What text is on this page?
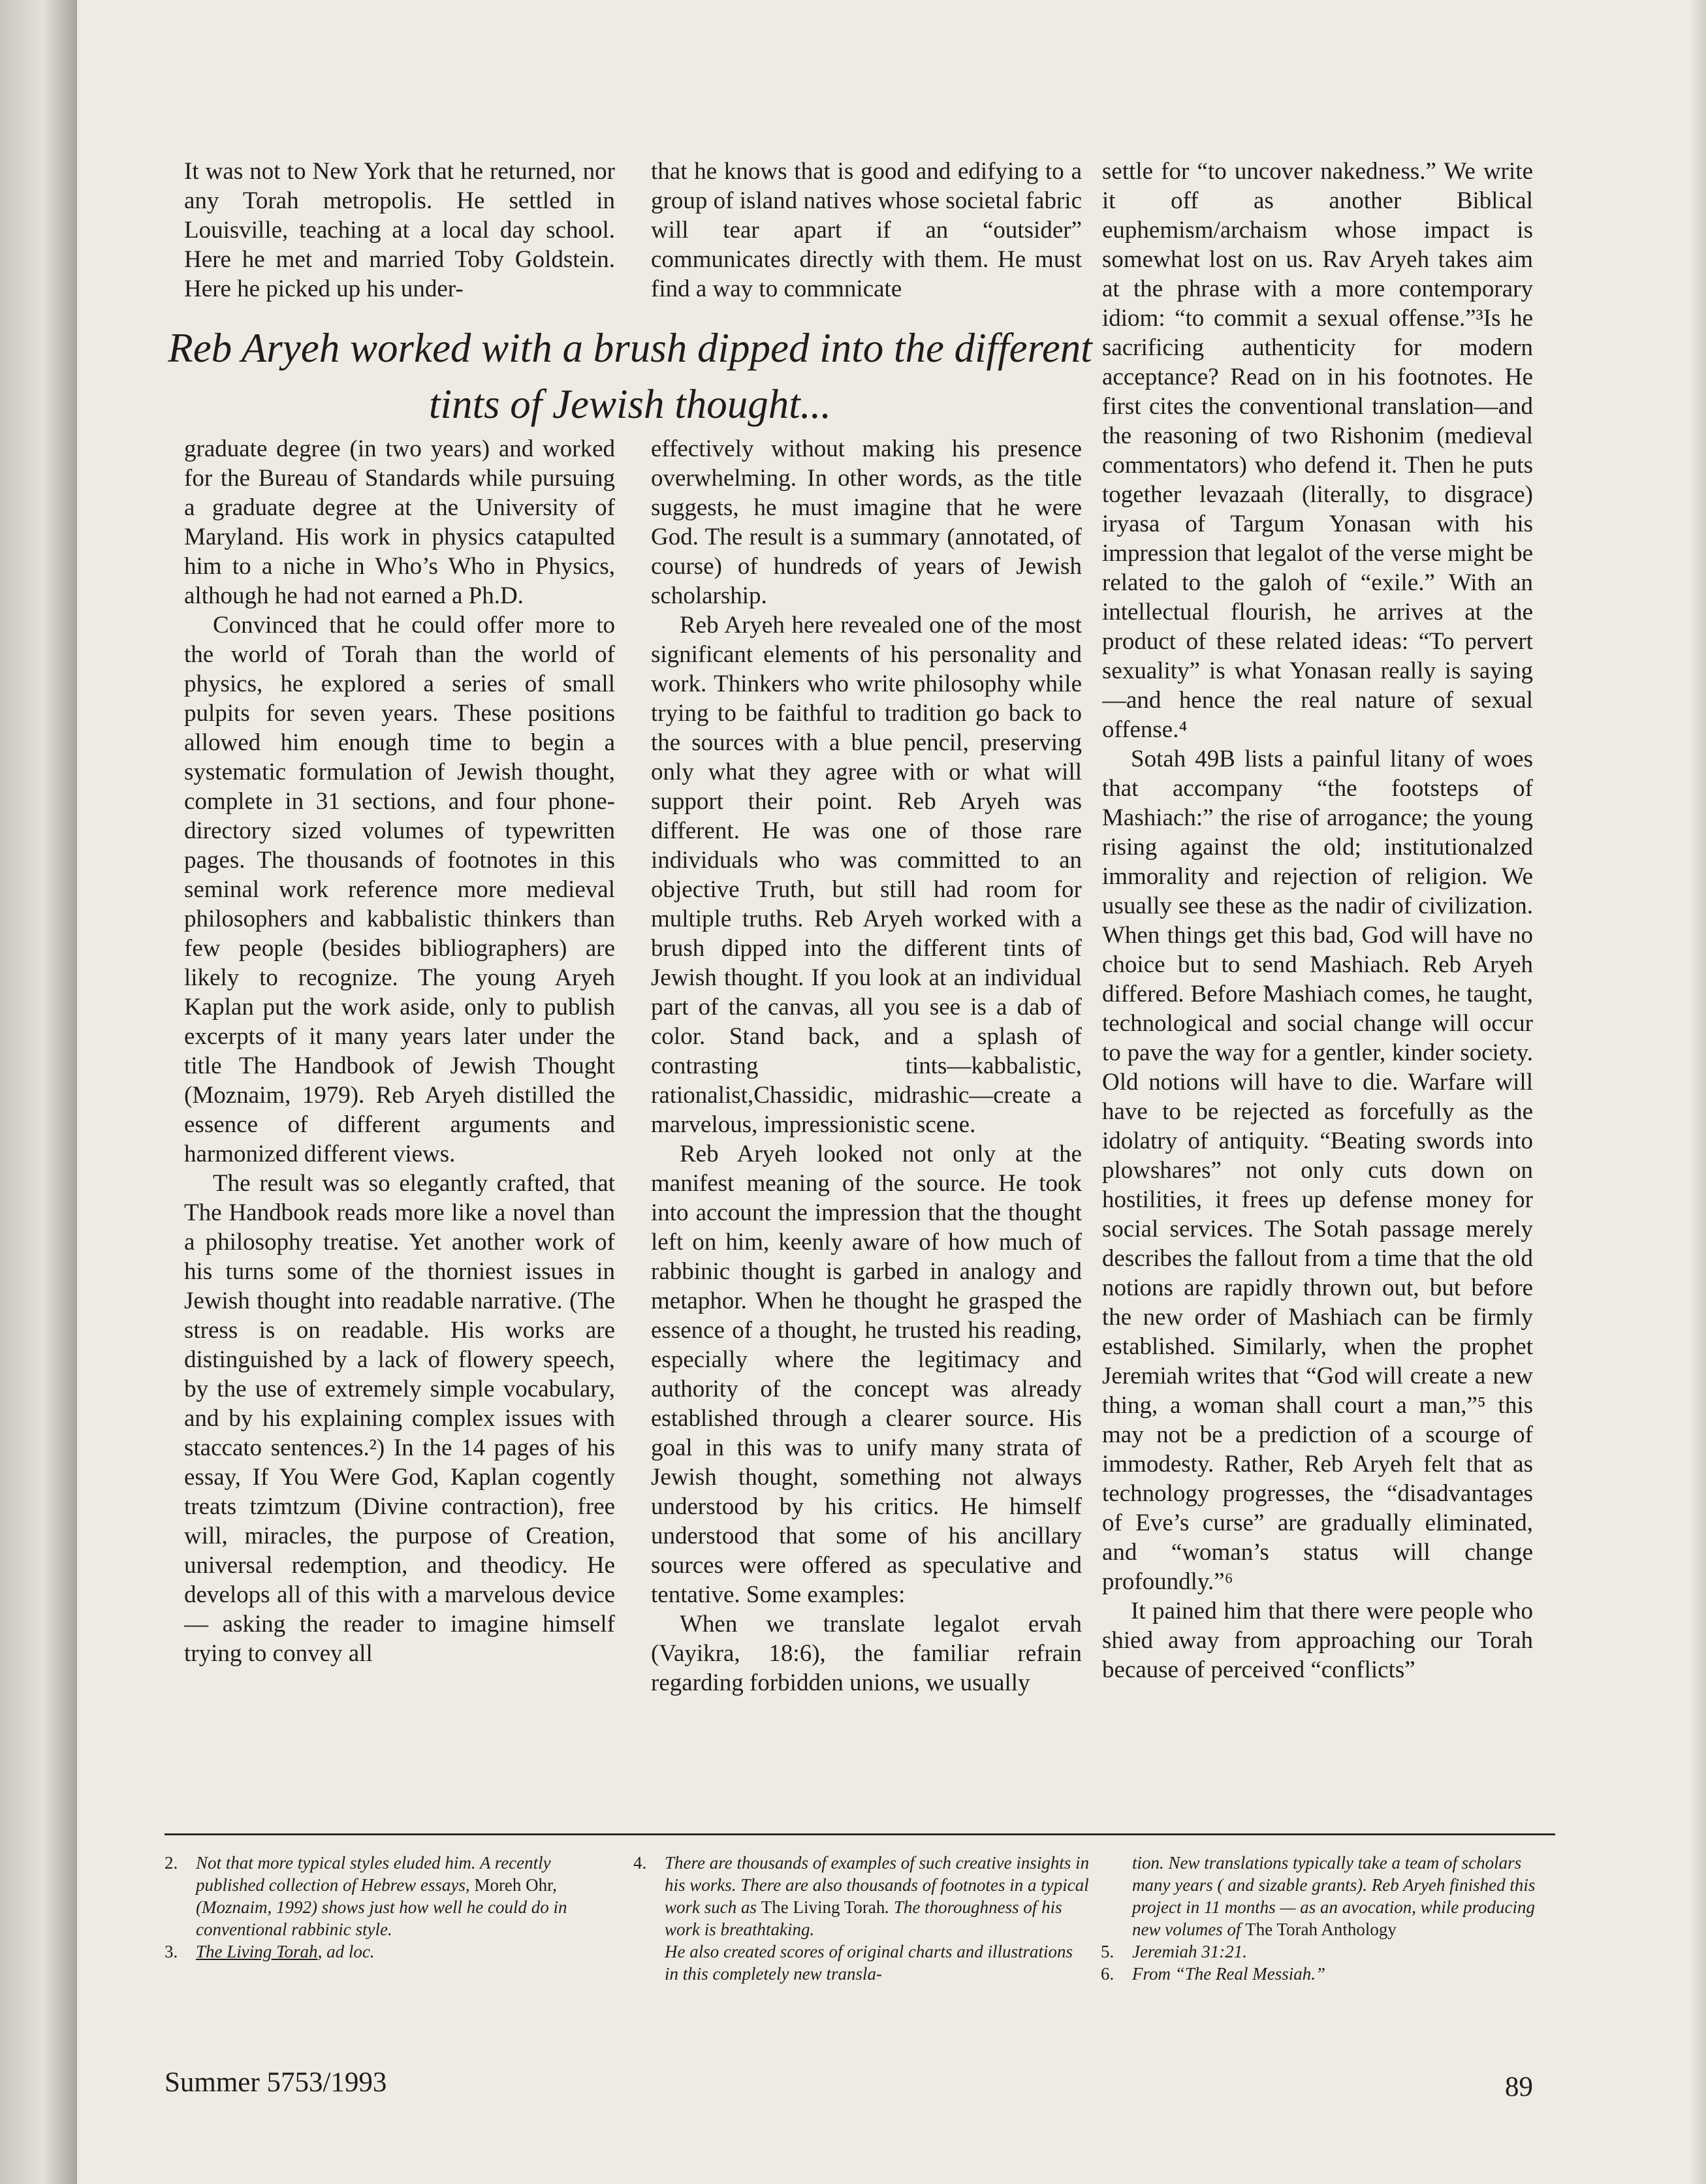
It was not to New York that he returned, nor any Torah metropolis. He settled in Louisville, teaching at a local day school. Here he met and married Toby Goldstein. Here he picked up his under-

that he knows that is good and edifying to a group of island natives whose societal fabric will tear apart if an “outsider” communicates directly with them. He must find a way to commnicate

Reb Aryeh worked with a brush dipped into the different tints of Jewish thought...

graduate degree (in two years) and worked for the Bureau of Standards while pursuing a graduate degree at the University of Maryland. His work in physics catapulted him to a niche in Who’s Who in Physics, although he had not earned a Ph.D.

Convinced that he could offer more to the world of Torah than the world of physics, he explored a series of small pulpits for seven years. These positions allowed him enough time to begin a systematic formulation of Jewish thought, complete in 31 sections, and four phone-directory sized volumes of typewritten pages. The thousands of footnotes in this seminal work reference more medieval philosophers and kabbalistic thinkers than few people (besides bibliographers) are likely to recognize. The young Aryeh Kaplan put the work aside, only to publish excerpts of it many years later under the title The Handbook of Jewish Thought (Moznaim, 1979). Reb Aryeh distilled the essence of different arguments and harmonized different views.

The result was so elegantly crafted, that The Handbook reads more like a novel than a philosophy treatise. Yet another work of his turns some of the thorniest issues in Jewish thought into readable narrative. (The stress is on readable. His works are distinguished by a lack of flowery speech, by the use of extremely simple vocabulary, and by his explaining complex issues with staccato sentences.²) In the 14 pages of his essay, If You Were God, Kaplan cogently treats tzimtzum (Divine contraction), free will, miracles, the purpose of Creation, universal redemption, and theodicy. He develops all of this with a marvelous device — asking the reader to imagine himself trying to convey all

effectively without making his presence overwhelming. In other words, as the title suggests, he must imagine that he were God. The result is a summary (annotated, of course) of hundreds of years of Jewish scholarship.

Reb Aryeh here revealed one of the most significant elements of his personality and work. Thinkers who write philosophy while trying to be faithful to tradition go back to the sources with a blue pencil, preserving only what they agree with or what will support their point. Reb Aryeh was different. He was one of those rare individuals who was committed to an objective Truth, but still had room for multiple truths. Reb Aryeh worked with a brush dipped into the different tints of Jewish thought. If you look at an individual part of the canvas, all you see is a dab of color. Stand back, and a splash of contrasting tints—kabbalistic, rationalist,Chassidic, midrashic—create a marvelous, impressionistic scene.

Reb Aryeh looked not only at the manifest meaning of the source. He took into account the impression that the thought left on him, keenly aware of how much of rabbinic thought is garbed in analogy and metaphor. When he thought he grasped the essence of a thought, he trusted his reading, especially where the legitimacy and authority of the concept was already established through a clearer source. His goal in this was to unify many strata of Jewish thought, something not always understood by his critics. He himself understood that some of his ancillary sources were offered as speculative and tentative. Some examples:

When we translate legalot ervah (Vayikra, 18:6), the familiar refrain regarding forbidden unions, we usually

settle for “to uncover nakedness.” We write it off as another Biblical euphemism/archaism whose impact is somewhat lost on us. Rav Aryeh takes aim at the phrase with a more contemporary idiom: “to commit a sexual offense.”³Is he sacrificing authenticity for modern acceptance? Read on in his footnotes. He first cites the conventional translation—and the reasoning of two Rishonim (medieval commentators) who defend it. Then he puts together levazaah (literally, to disgrace) iryasa of Targum Yonasan with his impression that legalot of the verse might be related to the galoh of “exile.” With an intellectual flourish, he arrives at the product of these related ideas: “To pervert sexuality” is what Yonasan really is saying—and hence the real nature of sexual offense.⁴

Sotah 49B lists a painful litany of woes that accompany “the footsteps of Mashiach:” the rise of arrogance; the young rising against the old; institutionalzed immorality and rejection of religion. We usually see these as the nadir of civilization. When things get this bad, God will have no choice but to send Mashiach. Reb Aryeh differed. Before Mashiach comes, he taught, technological and social change will occur to pave the way for a gentler, kinder society. Old notions will have to die. Warfare will have to be rejected as forcefully as the idolatry of antiquity. “Beating swords into plowshares” not only cuts down on hostilities, it frees up defense money for social services. The Sotah passage merely describes the fallout from a time that the old notions are rapidly thrown out, but before the new order of Mashiach can be firmly established. Similarly, when the prophet Jeremiah writes that “God will create a new thing, a woman shall court a man,”⁵ this may not be a prediction of a scourge of immodesty. Rather, Reb Aryeh felt that as technology progresses, the “disadvantages of Eve’s curse” are gradually eliminated, and “woman’s status will change profoundly.”⁶

It pained him that there were people who shied away from approaching our Torah because of perceived “conflicts”

2. Not that more typical styles eluded him. A recently published collection of Hebrew essays, Moreh Ohr,(Moznaim, 1992) shows just how well he could do in conventional rabbinic style.
3. The Living Torah, ad loc.
4. There are thousands of examples of such creative insights in his works. There are also thousands of footnotes in a typical work such as The Living Torah. The thoroughness of his work is breathtaking.
He also created scores of original charts and illustrations in this completely new transla-

tion. New translations typically take a team of scholars many years ( and sizable grants). Reb Aryeh finished this project in 11 months — as an avocation, while producing new volumes of The Torah Anthology

5. Jeremiah 31:21.
6. From “The Real Messiah.”

Summer 5753/1993	89
